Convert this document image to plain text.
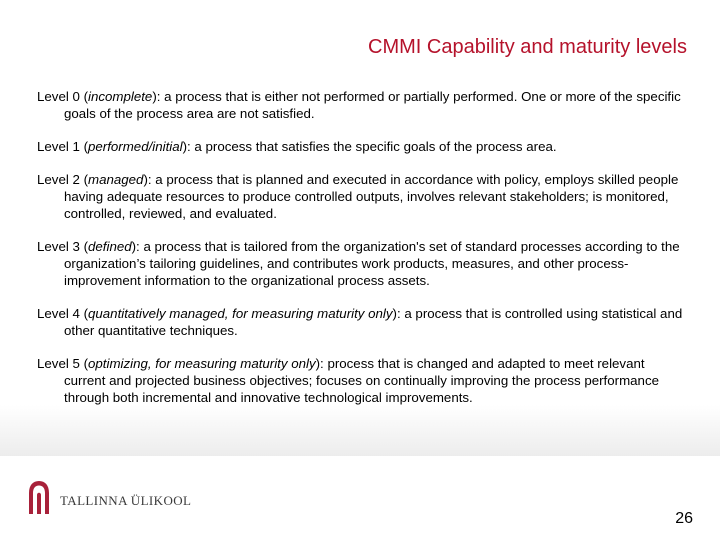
CMMI Capability and maturity levels

Level 0 (incomplete): a process that is either not performed or partially performed. One or more of the specific goals of the process area are not satisfied.

Level 1 (performed/initial): a process that satisfies the specific goals of the process area.

Level 2 (managed): a process that is planned and executed in accordance with policy, employs skilled people having adequate resources to produce controlled outputs, involves relevant stakeholders; is monitored, controlled, reviewed, and evaluated.

Level 3 (defined): a process that is tailored from the organization's set of standard processes according to the organization’s tailoring guidelines, and contributes work products, measures, and other process-improvement information to the organizational process assets.

Level 4 (quantitatively managed, for measuring maturity only): a process that is controlled using statistical and other quantitative techniques.

Level 5 (optimizing, for measuring maturity only): process that is changed and adapted to meet relevant current and projected business objectives; focuses on continually improving the process performance through both incremental and innovative technological improvements.

TALLINNA ÜLIKOOL
26
